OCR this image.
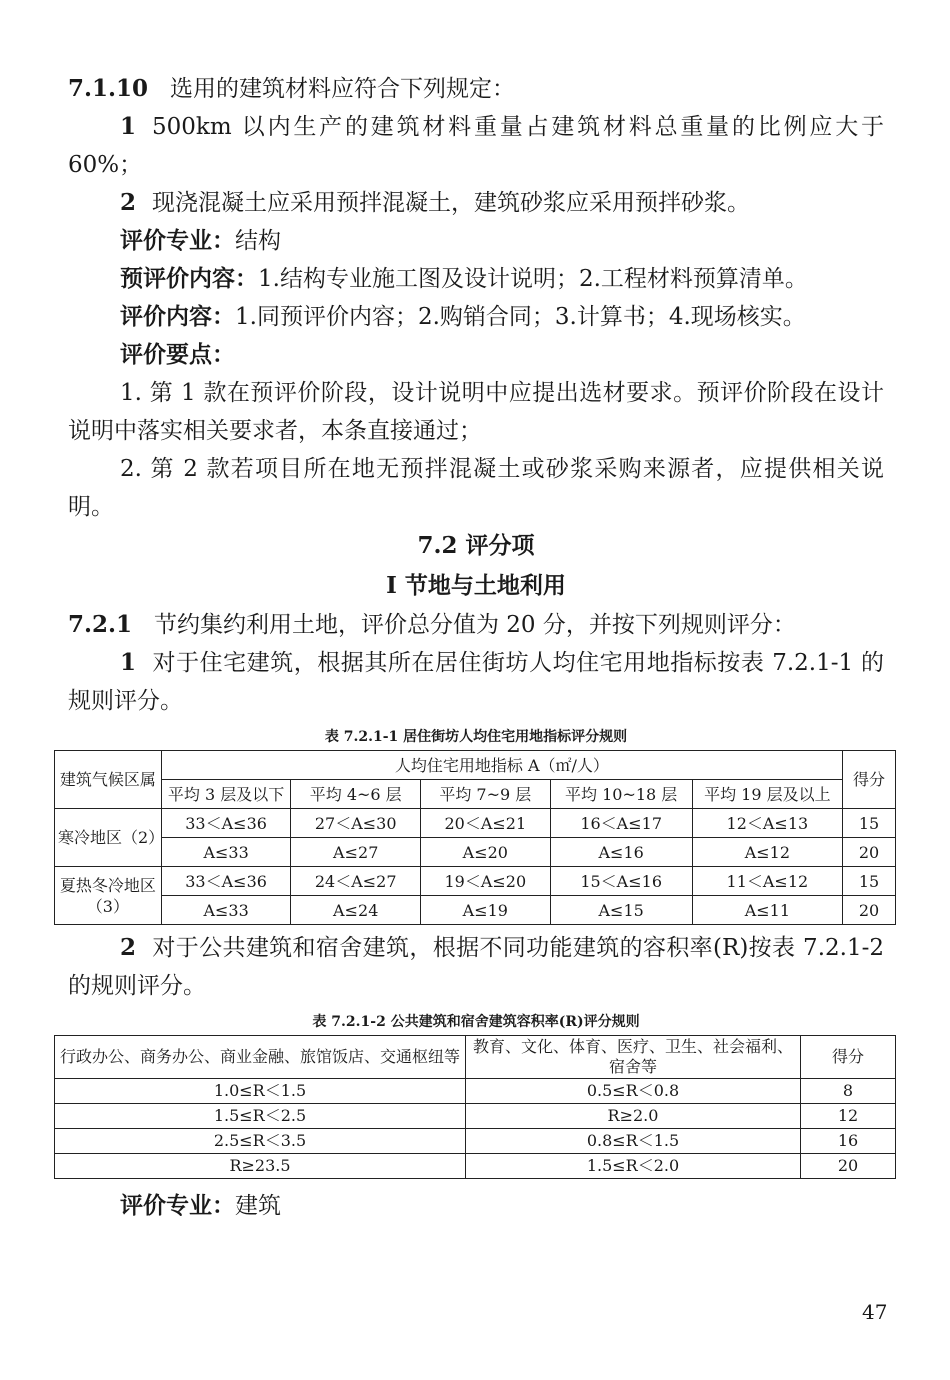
7.1.10 选用的建筑材料应符合下列规定：

1 500km 以内生产的建筑材料重量占建筑材料总重量的比例应大于60%；

2 现浇混凝土应采用预拌混凝土，建筑砂浆应采用预拌砂浆。

评价专业：结构

预评价内容：1.结构专业施工图及设计说明；2.工程材料预算清单。

评价内容：1.同预评价内容；2.购销合同；3.计算书；4.现场核实。

评价要点：

1. 第 1 款在预评价阶段，设计说明中应提出选材要求。预评价阶段在设计说明中落实相关要求者，本条直接通过；

2. 第 2 款若项目所在地无预拌混凝土或砂浆采购来源者，应提供相关说明。

7.2 评分项

I 节地与土地利用

7.2.1 节约集约利用土地，评价总分值为 20 分，并按下列规则评分：

1 对于住宅建筑，根据其所在居住街坊人均住宅用地指标按表 7.2.1-1 的规则评分。

表 7.2.1-1 居住街坊人均住宅用地指标评分规则

建筑气候区属	人均住宅用地指标 A（㎡/人）					得分
	平均 3 层及以下	平均 4~6 层	平均 7~9 层	平均 10~18 层	平均 19 层及以上	
寒冷地区（2）	33＜A≤36	27＜A≤30	20＜A≤21	16＜A≤17	12＜A≤13	15
	A≤33	A≤27	A≤20	A≤16	A≤12	20
夏热冬冷地区（3）	33＜A≤36	24＜A≤27	19＜A≤20	15＜A≤16	11＜A≤12	15
	A≤33	A≤24	A≤19	A≤15	A≤11	20

2 对于公共建筑和宿舍建筑，根据不同功能建筑的容积率(R)按表 7.2.1-2 的规则评分。

表 7.2.1-2 公共建筑和宿舍建筑容积率(R)评分规则

行政办公、商务办公、商业金融、旅馆饭店、交通枢纽等	教育、文化、体育、医疗、卫生、社会福利、宿舍等	得分
1.0≤R＜1.5	0.5≤R＜0.8	8
1.5≤R＜2.5	R≥2.0	12
2.5≤R＜3.5	0.8≤R＜1.5	16
R≥23.5	1.5≤R＜2.0	20

评价专业：建筑

47
